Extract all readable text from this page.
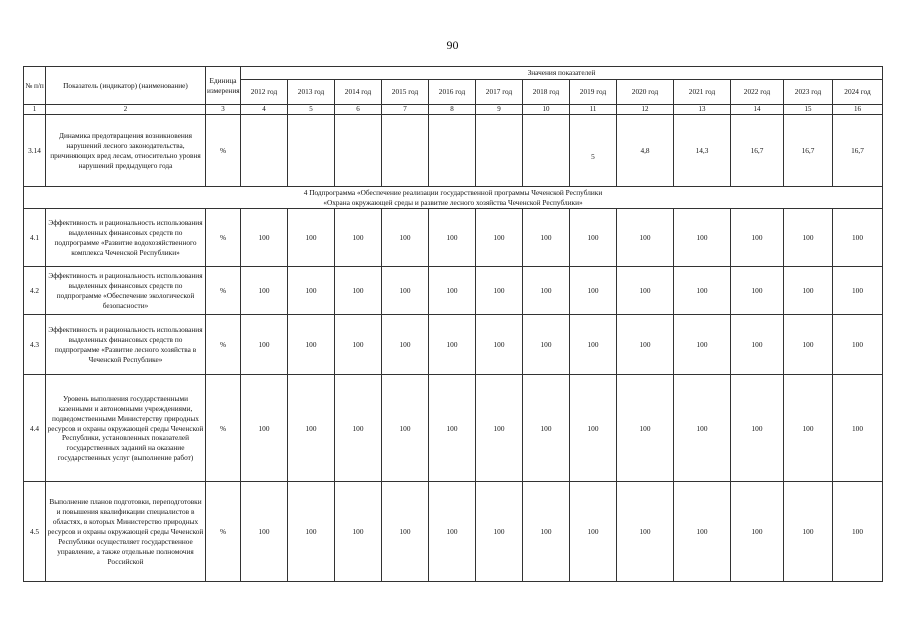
90
№ п/п	Показатель (индикатор) (наименование)	Единица измерения	Значения показателей												
			2012 год	2013 год	2014 год	2015 год	2016 год	2017 год	2018 год	2019 год	2020 год	2021 год	2022 год	2023 год	2024 год
1	2	3	4	5	6	7	8	9	10	11	12	13	14	15	16
3.14	Динамика предотвращения возникновения нарушений лесного законодательства, причиняющих вред лесам, относительно уровня нарушений предыдущего года	%								5	4,8	14,3	16,7	16,7	16,7

4 Подпрограмма «Обеспечение реализации государственной программы Чеченской Республики
«Охрана окружающей среды и развитие лесного хозяйства Чеченской Республики»															

4.1	Эффективность и рациональность использования выделенных финансовых средств по подпрограмме «Развитие водохозяйственного комплекса Чеченской Республики»	%	100	100	100	100	100	100	100	100	100	100	100	100	100
4.2	Эффективность и рациональность использования выделенных финансовых средств по подпрограмме «Обеспечение экологической безопасности»	%	100	100	100	100	100	100	100	100	100	100	100	100	100
4.3	Эффективность и рациональность использования выделенных финансовых средств по подпрограмме «Развитие лесного хозяйства в Чеченской Республике»	%	100	100	100	100	100	100	100	100	100	100	100	100	100
4.4	Уровень выполнения государственными казенными и автономными учреждениями, подведомственными Министерству природных ресурсов и охраны окружающей среды Чеченской Республики, установленных показателей государственных заданий на оказание государственных услуг (выполнение работ)	%	100	100	100	100	100	100	100	100	100	100	100	100	100
4.5	Выполнение планов подготовки, переподготовки и повышения квалификации специалистов в областях, в которых Министерство природных ресурсов и охраны окружающей среды Чеченской Республики осуществляет государственное управление, а также отдельные полномочия Российской	%	100	100	100	100	100	100	100	100	100	100	100	100	100
